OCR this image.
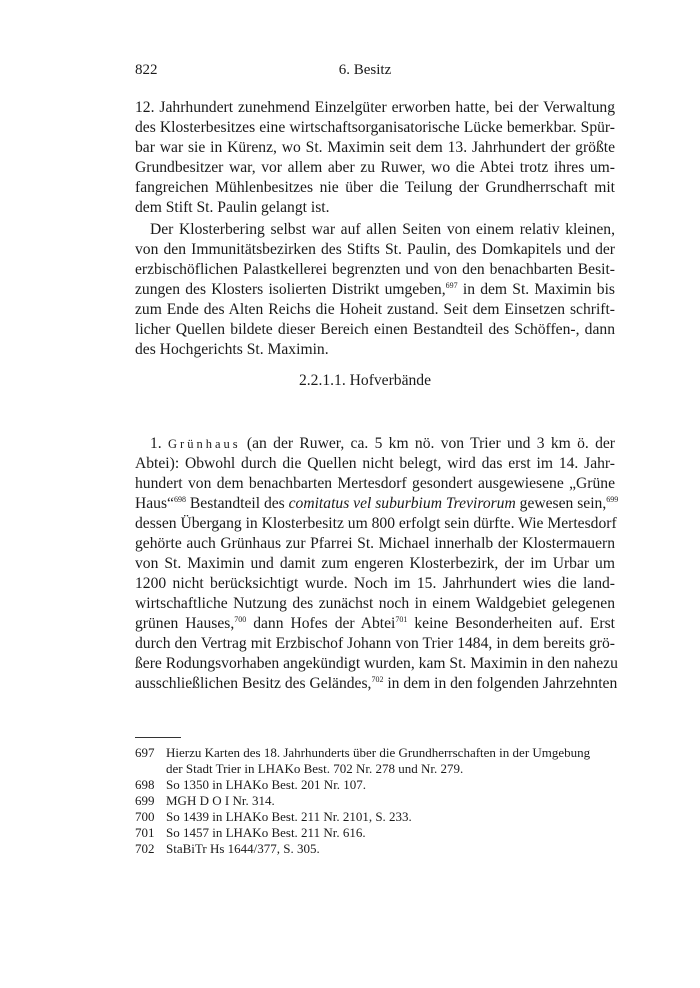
822	6. Besitz
12. Jahrhundert zunehmend Einzelgüter erworben hatte, bei der Verwaltung
des Klosterbesitzes eine wirtschaftsorganisatorische Lücke bemerkbar. Spür-
bar war sie in Kürenz, wo St. Maximin seit dem 13. Jahrhundert der größte
Grundbesitzer war, vor allem aber zu Ruwer, wo die Abtei trotz ihres um-
fangreichen Mühlenbesitzes nie über die Teilung der Grundherrschaft mit
dem Stift St. Paulin gelangt ist.
Der Klosterbering selbst war auf allen Seiten von einem relativ kleinen,
von den Immunitätsbezirken des Stifts St. Paulin, des Domkapitels und der
erzbischöflichen Palastkellerei begrenzten und von den benachbarten Besit-
zungen des Klosters isolierten Distrikt umgeben,$^{697}$ in dem St. Maximin bis
zum Ende des Alten Reichs die Hoheit zustand. Seit dem Einsetzen schrift-
licher Quellen bildete dieser Bereich einen Bestandteil des Schöffen-, dann
des Hochgerichts St. Maximin.
2.2.1.1. Hofverbände
1. Grünhaus (an der Ruwer, ca. 5 km nö. von Trier und 3 km ö. der
Abtei): Obwohl durch die Quellen nicht belegt, wird das erst im 14. Jahr-
hundert von dem benachbarten Mertesdorf gesondert ausgewiesene „Grüne
Haus“$^{698}$ Bestandteil des comitatus vel suburbium Trevirorum gewesen sein,$^{699}$
dessen Übergang in Klosterbesitz um 800 erfolgt sein dürfte. Wie Mertesdorf
gehörte auch Grünhaus zur Pfarrei St. Michael innerhalb der Klostermauern
von St. Maximin und damit zum engeren Klosterbezirk, der im Urbar um
1200 nicht berücksichtigt wurde. Noch im 15. Jahrhundert wies die land-
wirtschaftliche Nutzung des zunächst noch in einem Waldgebiet gelegenen
grünen Hauses,$^{700}$ dann Hofes der Abtei$^{701}$ keine Besonderheiten auf. Erst
durch den Vertrag mit Erzbischof Johann von Trier 1484, in dem bereits grö-
ßere Rodungsvorhaben angekündigt wurden, kam St. Maximin in den nahezu
ausschließlichen Besitz des Geländes,$^{702}$ in dem in den folgenden Jahrzehnten
697 Hierzu Karten des 18. Jahrhunderts über die Grundherrschaften in der Umgebung
der Stadt Trier in LHAKo Best. 702 Nr. 278 und Nr. 279.
698 So 1350 in LHAKo Best. 201 Nr. 107.
699 MGH D O I Nr. 314.
700 So 1439 in LHAKo Best. 211 Nr. 2101, S. 233.
701 So 1457 in LHAKo Best. 211 Nr. 616.
702 StaBiTr Hs 1644/377, S. 305.
